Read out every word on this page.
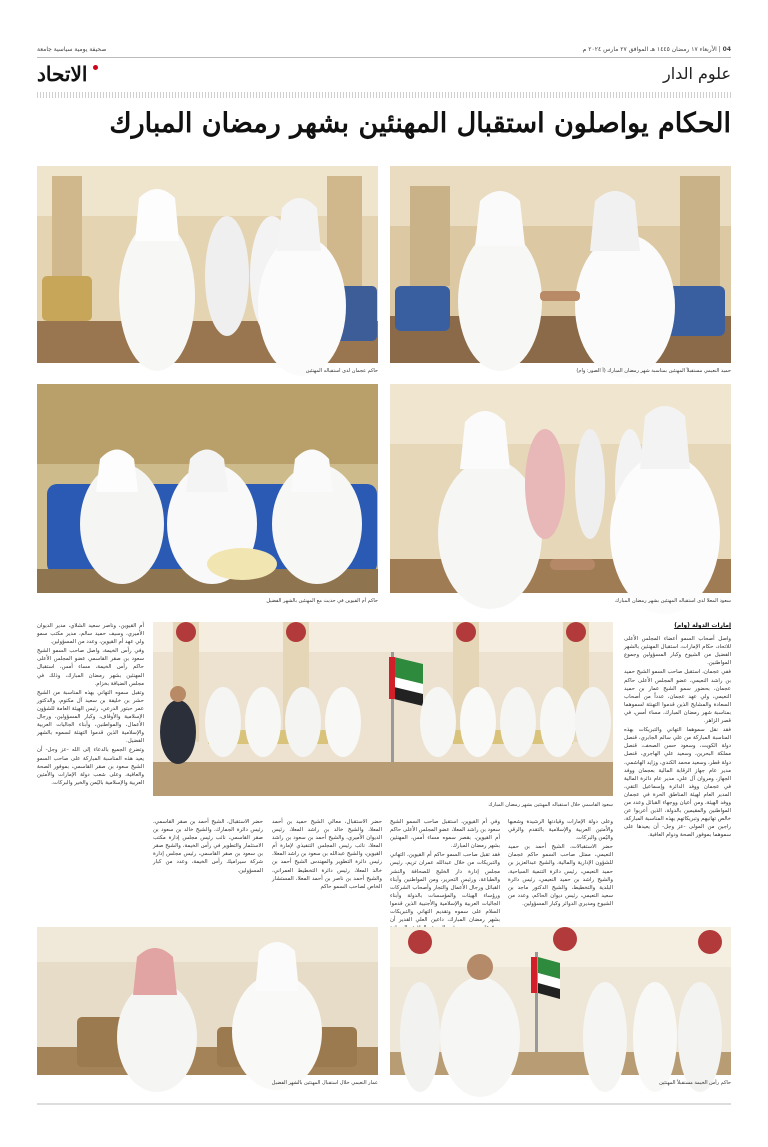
04 | الأربعاء ١٧ رمضان ١٤٤٥ هـ الموافق ٢٧ مارس ٢٠٢٤ م
صحيفة يومية سياسية جامعة
الاتحاد	علوم الدار
الحكام يواصلون استقبال المهنئين بشهر رمضان المبارك
حميد النعيمي مستقبلاً المهنئين بمناسبة شهر رمضان المبارك (أ الصور: وام)
حاكم عجمان لدى استقباله المهنئين
سعود المعلا لدى استقباله المهنئين بشهر رمضان المبارك
حاكم أم القيوين في حديث مع المهنئين بالشهر الفضيل
إمارات الدولة (وام)

واصل أصحاب السمو أعضاء المجلس الأعلى للاتحاد، حكام الإمارات، استقبال المهنئين بالشهر الفضيل من الشيوخ وكبار المسؤولين وجموع المواطنين.

ففي عجمان، استقبل صاحب السمو الشيخ حميد بن راشد النعيمي، عضو المجلس الأعلى حاكم عجمان، بحضور سمو الشيخ عمار بن حميد النعيمي، ولي عهد عجمان، عدداً من أصحاب السعادة والمشايخ الذين قدموا التهنئة لسموهما بمناسبة شهر رمضان المبارك، مساء أمس، في قصر الزاهر.

فقد نقل سموهما التهاني والتبريكات بهذه المناسبة المباركة من علي سالم الجابري، قنصل دولة الكويت، وسعود حسن الصحف، قنصل مملكة البحرين، وسعيد علي الهاجري، قنصل دولة قطر، وسعيد محمد الكندي، وزايد الهاشمي، مدير عام جهاز الرقابة المالية بعجمان ووفد الجهاز، ومروان آل علي، مدير عام دائرة المالية في عجمان ووفد الدائرة وإسماعيل التقي، المدير العام لهيئة المناطق الحرة في عجمان ووفد الهيئة، ومن أعيان ووجهاء القبائل وعدد من المواطنين والمقيمين بالدولة، الذين أعربوا عن خالص تهانيهم وتبريكاتهم بهذه المناسبة المباركة، راجين من المولى -عز وجل- أن يعيدها على سموهما بموفور الصحة ودوام العافية.

سعود القاسمي خلال استقباله المهنئين بشهر رمضان المبارك

أم القيوين، وناصر سعيد الشلاي، مدير الديوان الأميري، وسيف حميد سالم، مدير مكتب سمو ولي عهد أم القيوين، وعدد من المسؤولين.

وفي رأس الخيمة، واصل صاحب السمو الشيخ سعود بن صقر القاسمي عضو المجلس الأعلى حاكم رأس الخيمة، مساء أمس، استقبال المهنئين بشهر رمضان المبارك، وذلك في مجلس الضيافة بخزام.

وتقبل سموه التهاني بهذه المناسبة من الشيخ حشر بن خليفة بن سعيد آل مكتوم، والدكتور عمر حبتور الدرعي، رئيس الهيئة العامة للشؤون الإسلامية والأوقاف، وكبار المسؤولين، ورجال الأعمال، والمواطنين، وأبناء الجاليات العربية والإسلامية الذين قدموا التهنئة لسموه بالشهر الفضيل.

وتضرع الجميع بالدعاء إلى الله -عز وجل- أن يعيد هذه المناسبة المباركة على صاحب السمو الشيخ سعود بن صقر القاسمي، بموفور الصحة والعافية، وعلى شعب دولة الإمارات والأمتين العربية والإسلامية باليُمن والخير والبركات.

وعلى دولة الإمارات وقيادتها الرشيدة وشعبها والأمتين العربية والإسلامية بالتقدم والرقي واليُمن والبركات.

حضر الاستقبالات، الشيخ أحمد بن حميد النعيمي، ممثل صاحب السمو حاكم عجمان للشؤون الإدارية والمالية، والشيخ عبدالعزيز بن حميد النعيمي، رئيس دائرة التنمية السياحية، والشيخ راشد بن حميد النعيمي، رئيس دائرة البلدية والتخطيط، والشيخ الدكتور ماجد بن سعيد النعيمي، رئيس ديوان الحاكم، وعدد من الشيوخ ومديري الدوائر وكبار المسؤولين.

وفي أم القيوين، استقبل صاحب السمو الشيخ سعود بن راشد المعلا، عضو المجلس الأعلى حاكم أم القيوين، بقصر سموه مساء أمس، المهنئين بشهر رمضان المبارك.

فقد تقبل صاحب السمو حاكم أم القيوين، التهاني والتبريكات من خلال عبدالله عمران تريم، رئيس مجلس إدارة دار الخليج للصحافة والنشر والطباعة، ورئيس التحرير، ومن المواطنين وأبناء القبائل ورجال الأعمال والتجار وأصحاب الشركات ورؤساء الهيئات والمؤسسات بالدولة وأبناء الجاليات العربية والإسلامية والأجنبية الذين قدموا السلام على سموه وتقديم التهاني والتبريكات بشهر رمضان المبارك، داعين العلي القدير أن

حضر الاستقبال، معالي الشيخ حميد بن أحمد المعلا، والشيخ خالد بن راشد المعلا، رئيس الديوان الأميري، والشيخ أحمد بن سعود بن راشد المعلا، نائب رئيس المجلس التنفيذي لإمارة أم القيوين، والشيخ عبدالله بن سعود بن راشد المعلا، رئيس دائرة التطوير والمهندس الشيخ أحمد بن خالد المعلا، رئيس دائرة التخطيط العمراني، والشيخ أحمد بن ناصر بن أحمد المعلا، المستشار الخاص لصاحب السمو حاكم

حضر الاستقبال، الشيخ أحمد بن صقر القاسمي، رئيس دائرة الجمارك، والشيخ خالد بن سعود بن صقر القاسمي، نائب رئيس مجلس إدارة مكتب الاستثمار والتطوير في رأس الخيمة، والشيخ صقر بن سعود بن صقر القاسمي، رئيس مجلس إدارة شركة سيراميك رأس الخيمة، وعدد من كبار المسؤولين.

حاكم رأس الخيمة مستقبلاً المهنئين
عمار النعيمي خلال استقبال المهنئين بالشهر الفضيل
